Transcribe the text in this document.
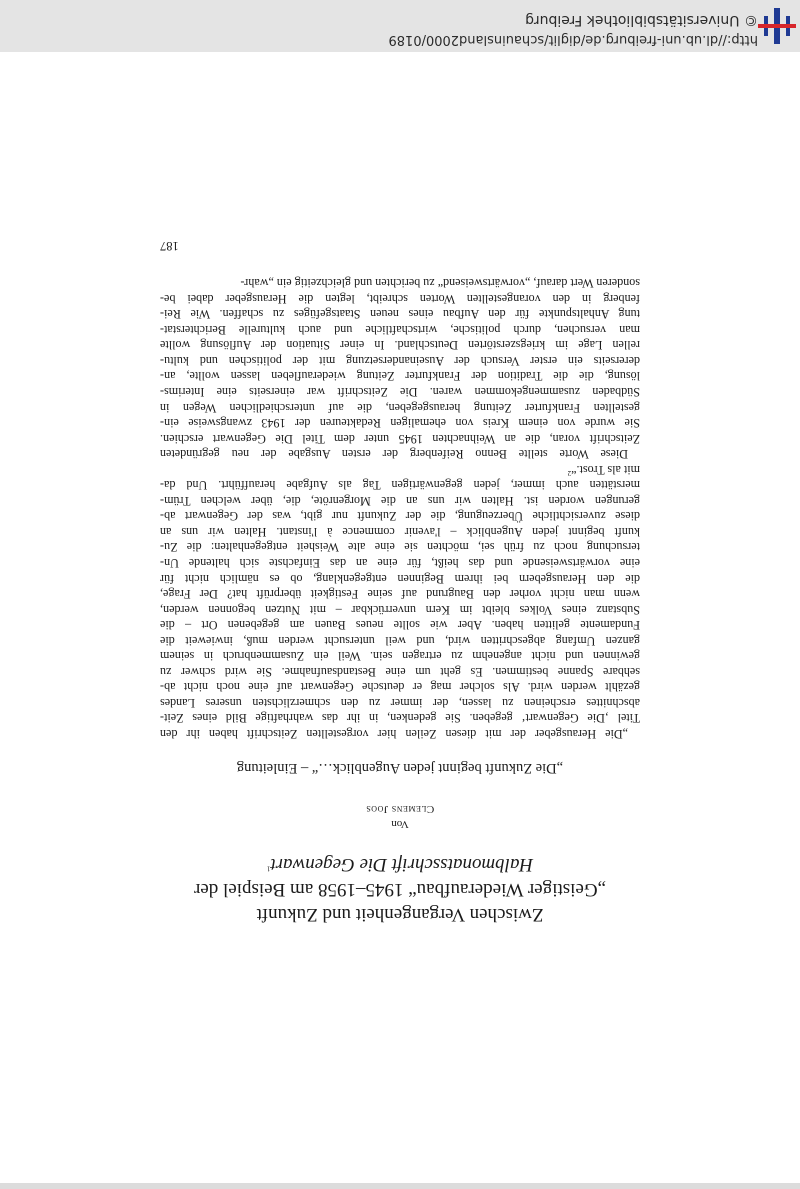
Zwischen Vergangenheit und Zukunft
„Geistiger Wiederaufbau“ 1945–1958 am Beispiel der
Halbmonatsschrift Die Gegenwart$^1$
Von
Clemens Joos
„Die Zukunft beginnt jeden Augenblick…“ – Einleitung
„Die Herausgeber der mit diesen Zeilen hier vorgestellten Zeitschrift haben ihr den
Titel ‚Die Gegenwart‘ gegeben. Sie gedenken, in ihr das wahrhaftige Bild eines Zeit-
abschnittes erscheinen zu lassen, der immer zu den schmerzlichsten unseres Landes
gezählt werden wird. Als solcher mag er deutsche Gegenwart auf eine noch nicht ab-
sehbare Spanne bestimmen. Es geht um eine Bestandsaufnahme. Sie wird schwer zu
gewinnen und nicht angenehm zu ertragen sein. Weil ein Zusammenbruch in seinem
ganzen Umfang abgeschritten wird, und weil untersucht werden muß, inwieweit die
Fundamente gelitten haben. Aber wie sollte neues Bauen am gegebenen Ort – die
Substanz eines Volkes bleibt im Kern unverrückbar – mit Nutzen begonnen werden,
wenn man nicht vorher den Baugrund auf seine Festigkeit überprüft hat? Der Frage,
die den Herausgebern bei ihrem Beginnen entgegenklang, ob es nämlich nicht für
eine vorwärtsweisende und das heißt, für eine an das Einfachste sich haltende Un-
tersuchung noch zu früh sei, möchten sie eine alte Weisheit entgegenhalten: die Zu-
kunft beginnt jeden Augenblick – l'avenir commence à l'instant. Halten wir uns an
diese zuversichtliche Überzeugung, die der Zukunft nur gibt, was der Gegenwart ab-
gerungen worden ist. Halten wir uns an die Morgenröte, die, über welchen Trüm-
merstätten auch immer, jeden gegenwärtigen Tag als Aufgabe heraufführt. Und da-
mit als Trost.“$^2$
Diese Worte stellte Benno Reifenberg der ersten Ausgabe der neu gegründeten
Zeitschrift voran, die an Weihnachten 1945 unter dem Titel Die Gegenwart erschien.
Sie wurde von einem Kreis von ehemaligen Redakteuren der 1943 zwangsweise ein-
gestellten Frankfurter Zeitung herausgegeben, die auf unterschiedlichen Wegen in
Südbaden zusammengekommen waren. Die Zeitschrift war einerseits eine Interims-
lösung, die die Tradition der Frankfurter Zeitung wiederaufleben lassen wollte, an-
dererseits ein erster Versuch der Auseinandersetzung mit der politischen und kultu-
rellen Lage im kriegszerstörten Deutschland. In einer Situation der Auflösung wollte
man versuchen, durch politische, wirtschaftliche und auch kulturelle Berichterstat-
tung Anhaltspunkte für den Aufbau eines neuen Staatsgefüges zu schaffen. Wie Rei-
fenberg in den vorangestellten Worten schreibt, legten die Herausgeber dabei be-
sonderen Wert darauf, „vorwärtsweisend“ zu berichten und gleichzeitig ein „wahr-
187
http://dl.ub.uni-freiburg.de/diglit/schauinsland2000/0189
© Universitätsbibliothek Freiburg
